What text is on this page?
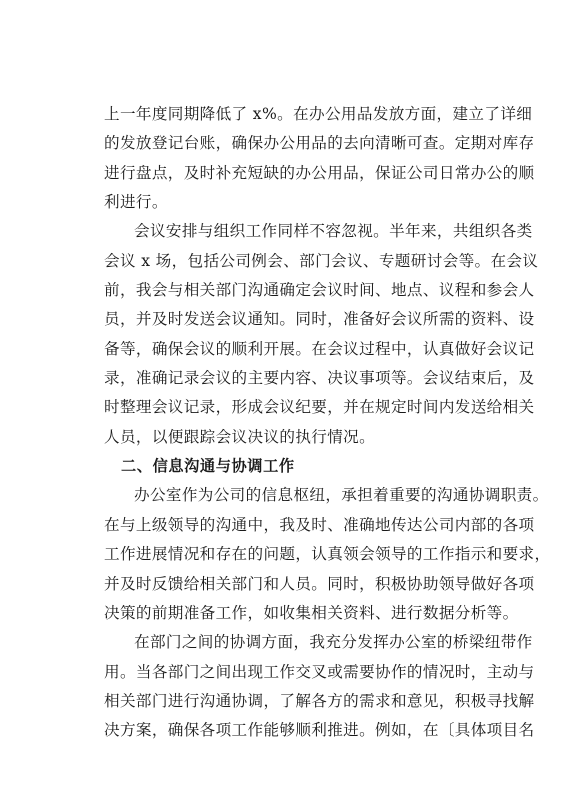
上一年度同期降低了 x%。在办公用品发放方面，建立了详细
的发放登记台账，确保办公用品的去向清晰可查。定期对库存
进行盘点，及时补充短缺的办公用品，保证公司日常办公的顺
利进行。
会议安排与组织工作同样不容忽视。半年来，共组织各类
会议 x 场，包括公司例会、部门会议、专题研讨会等。在会议
前，我会与相关部门沟通确定会议时间、地点、议程和参会人
员，并及时发送会议通知。同时，准备好会议所需的资料、设
备等，确保会议的顺利开展。在会议过程中，认真做好会议记
录，准确记录会议的主要内容、决议事项等。会议结束后，及
时整理会议记录，形成会议纪要，并在规定时间内发送给相关
人员，以便跟踪会议决议的执行情况。
二、信息沟通与协调工作
办公室作为公司的信息枢纽，承担着重要的沟通协调职责。
在与上级领导的沟通中，我及时、准确地传达公司内部的各项
工作进展情况和存在的问题，认真领会领导的工作指示和要求，
并及时反馈给相关部门和人员。同时，积极协助领导做好各项
决策的前期准备工作，如收集相关资料、进行数据分析等。
在部门之间的协调方面，我充分发挥办公室的桥梁纽带作
用。当各部门之间出现工作交叉或需要协作的情况时，主动与
相关部门进行沟通协调，了解各方的需求和意见，积极寻找解
决方案，确保各项工作能够顺利推进。例如，在〔具体项目名
